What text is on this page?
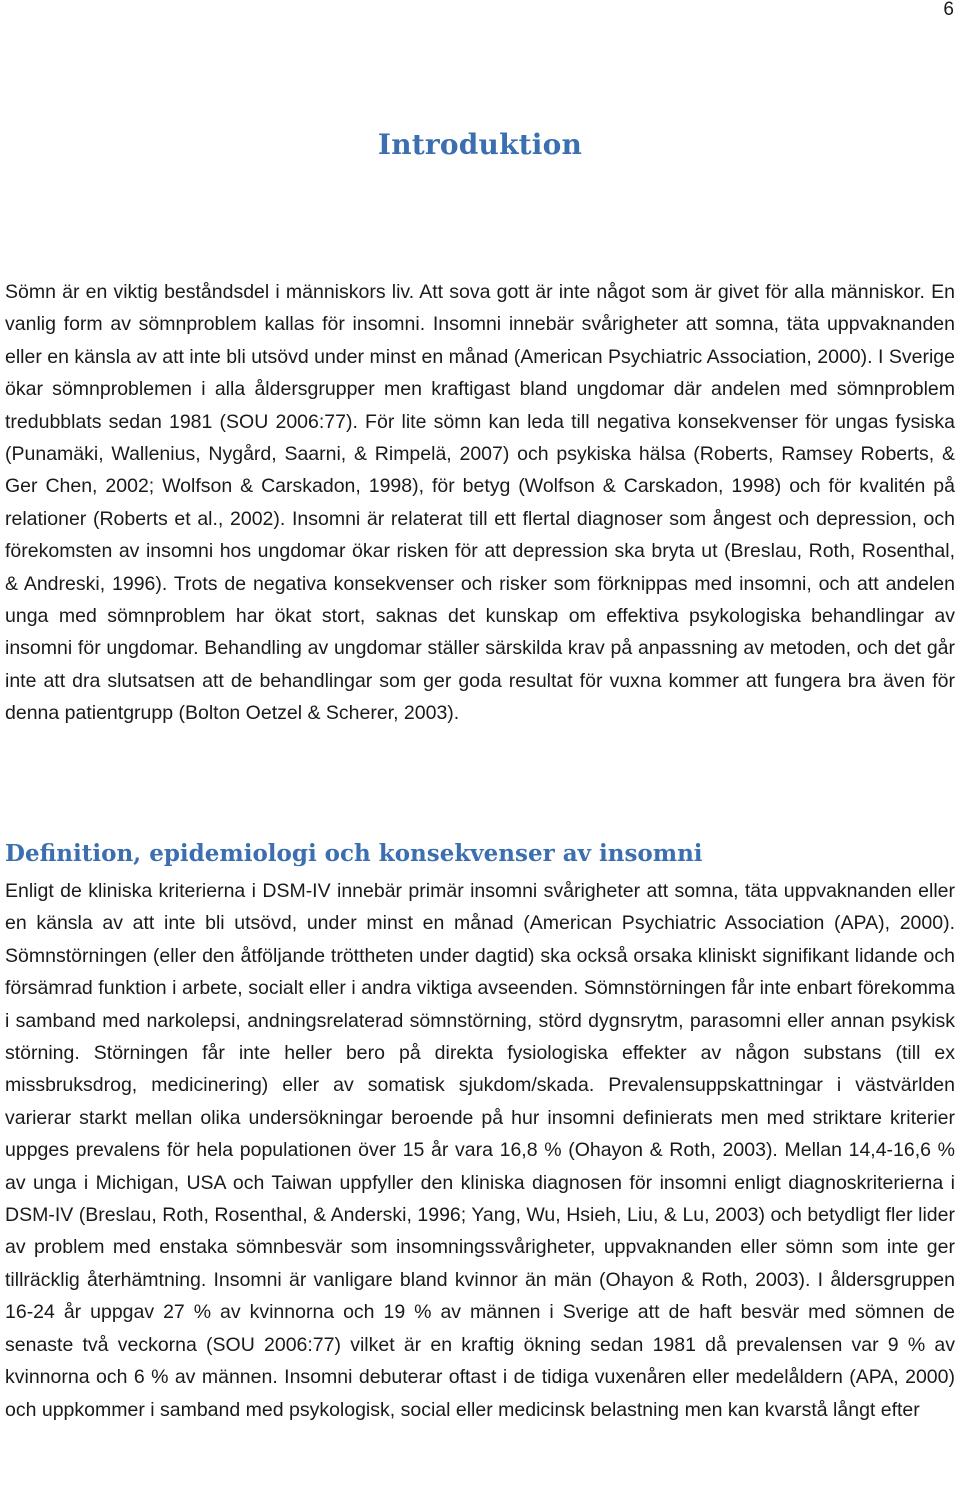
6
Introduktion

Sömn är en viktig beståndsdel i människors liv. Att sova gott är inte något som är givet för alla människor. En vanlig form av sömnproblem kallas för insomni. Insomni innebär svårigheter att somna, täta uppvaknanden eller en känsla av att inte bli utsövd under minst en månad (American Psychiatric Association, 2000). I Sverige ökar sömnproblemen i alla åldersgrupper men kraftigast bland ungdomar där andelen med sömnproblem tredubblats sedan 1981 (SOU 2006:77). För lite sömn kan leda till negativa konsekvenser för ungas fysiska (Punamäki, Wallenius, Nygård, Saarni, & Rimpelä, 2007) och psykiska hälsa (Roberts, Ramsey Roberts, & Ger Chen, 2002; Wolfson & Carskadon, 1998), för betyg (Wolfson & Carskadon, 1998) och för kvalitén på relationer (Roberts et al., 2002). Insomni är relaterat till ett flertal diagnoser som ångest och depression, och förekomsten av insomni hos ungdomar ökar risken för att depression ska bryta ut (Breslau, Roth, Rosenthal, & Andreski, 1996). Trots de negativa konsekvenser och risker som förknippas med insomni, och att andelen unga med sömnproblem har ökat stort, saknas det kunskap om effektiva psykologiska behandlingar av insomni för ungdomar. Behandling av ungdomar ställer särskilda krav på anpassning av metoden, och det går inte att dra slutsatsen att de behandlingar som ger goda resultat för vuxna kommer att fungera bra även för denna patientgrupp (Bolton Oetzel & Scherer, 2003).

Definition, epidemiologi och konsekvenser av insomni

Enligt de kliniska kriterierna i DSM-IV innebär primär insomni svårigheter att somna, täta uppvaknanden eller en känsla av att inte bli utsövd, under minst en månad (American Psychiatric Association (APA), 2000). Sömnstörningen (eller den åtföljande tröttheten under dagtid) ska också orsaka kliniskt signifikant lidande och försämrad funktion i arbete, socialt eller i andra viktiga avseenden. Sömnstörningen får inte enbart förekomma i samband med narkolepsi, andningsrelaterad sömnstörning, störd dygnsrytm, parasomni eller annan psykisk störning. Störningen får inte heller bero på direkta fysiologiska effekter av någon substans (till ex missbruksdrog, medicinering) eller av somatisk sjukdom/skada. Prevalensuppskattningar i västvärlden varierar starkt mellan olika undersökningar beroende på hur insomni definierats men med striktare kriterier uppges prevalens för hela populationen över 15 år vara 16,8 % (Ohayon & Roth, 2003). Mellan 14,4-16,6 % av unga i Michigan, USA och Taiwan uppfyller den kliniska diagnosen för insomni enligt diagnoskriterierna i DSM-IV (Breslau, Roth, Rosenthal, & Anderski, 1996; Yang, Wu, Hsieh, Liu, & Lu, 2003) och betydligt fler lider av problem med enstaka sömnbesvär som insomningssvårigheter, uppvaknanden eller sömn som inte ger tillräcklig återhämtning. Insomni är vanligare bland kvinnor än män (Ohayon & Roth, 2003). I åldersgruppen 16-24 år uppgav 27 % av kvinnorna och 19 % av männen i Sverige att de haft besvär med sömnen de senaste två veckorna (SOU 2006:77) vilket är en kraftig ökning sedan 1981 då prevalensen var 9 % av kvinnorna och 6 % av männen. Insomni debuterar oftast i de tidiga vuxenåren eller medelåldern (APA, 2000) och uppkommer i samband med psykologisk, social eller medicinsk belastning men kan kvarstå långt efter
